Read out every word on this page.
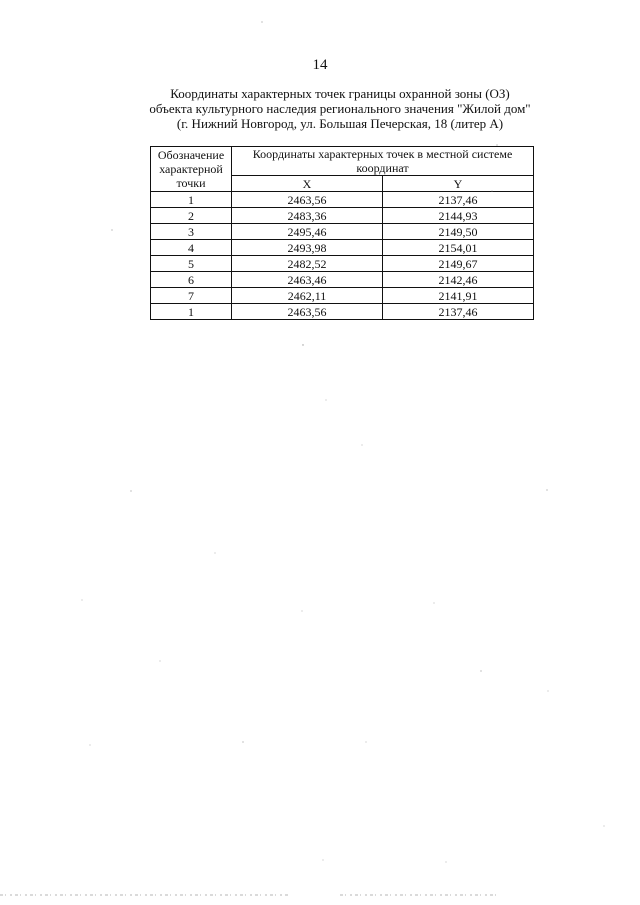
14
Координаты характерных точек границы охранной зоны (ОЗ)
объекта культурного наследия регионального значения "Жилой дом"
(г. Нижний Новгород, ул. Большая Печерская, 18 (литер А)
Обозначение характерной точки	Координаты характерных точек в местной системе координат	
	X	Y
1	2463,56	2137,46
2	2483,36	2144,93
3	2495,46	2149,50
4	2493,98	2154,01
5	2482,52	2149,67
6	2463,46	2142,46
7	2462,11	2141,91
1	2463,56	2137,46
